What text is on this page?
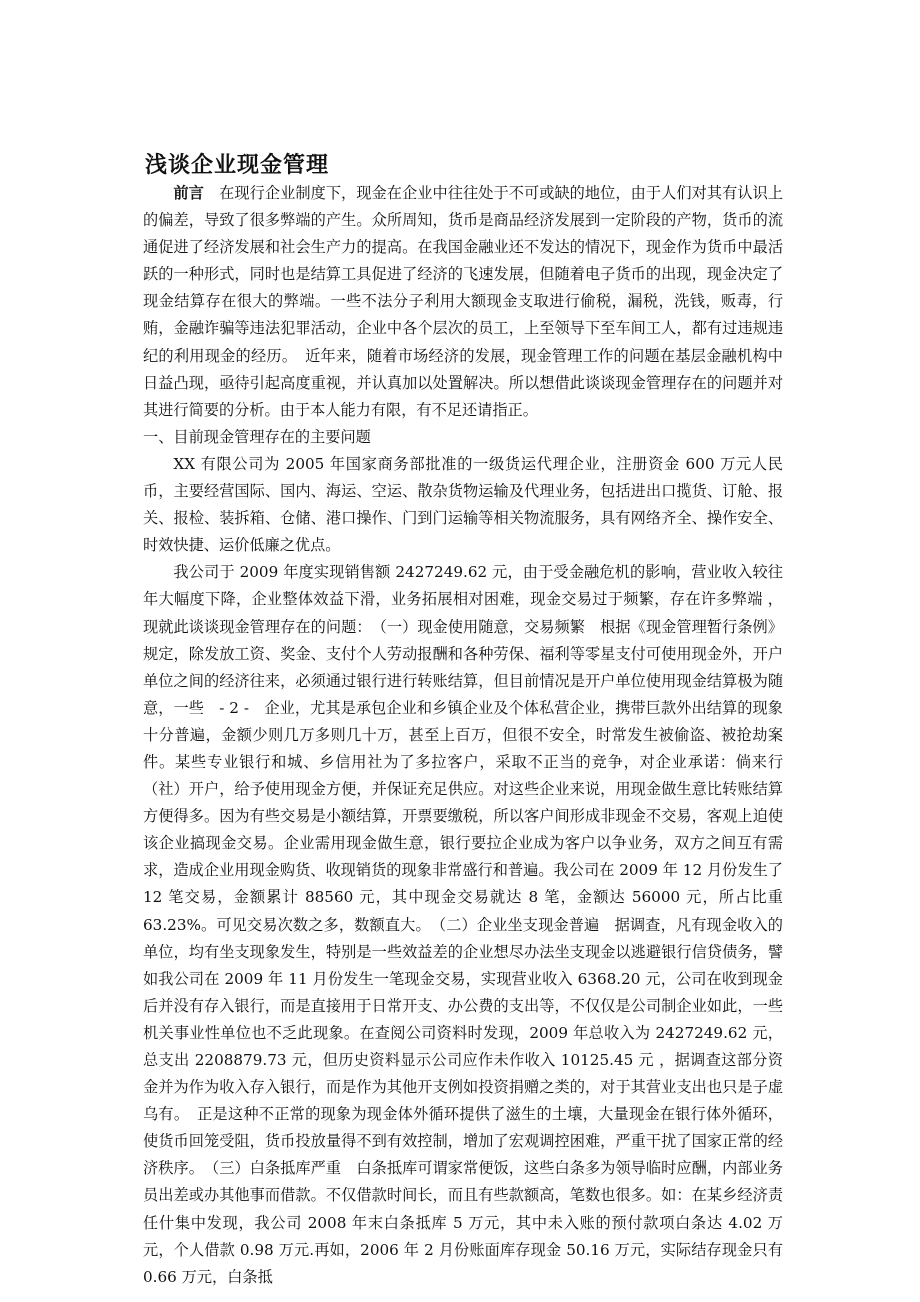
浅谈企业现金管理

前言　 在现行企业制度下，现金在企业中往往处于不可或缺的地位，由于人们对其有认识上的偏差，导致了很多弊端的产生。众所周知，货币是商品经济发展到一定阶段的产物，货币的流通促进了经济发展和社会生产力的提高。在我国金融业还不发达的情况下，现金作为货币中最活跃的一种形式，同时也是结算工具促进了经济的飞速发展，但随着电子货币的出现，现金决定了现金结算存在很大的弊端。一些不法分子利用大额现金支取进行偷税，漏税，洗钱，贩毒，行贿，金融诈骗等违法犯罪活动，企业中各个层次的员工，上至领导下至车间工人，都有过违规违纪的利用现金的经历。　近年来，随着市场经济的发展，现金管理工作的问题在基层金融机构中日益凸现，亟待引起高度重视，并认真加以处置解决。所以想借此谈谈现金管理存在的问题并对其进行简要的分析。由于本人能力有限，有不足还请指正。

一、目前现金管理存在的主要问题

XX 有限公司为 2005 年国家商务部批准的一级货运代理企业，注册资金 600 万元人民币，主要经营国际、国内、海运、空运、散杂货物运输及代理业务，包括进出口揽货、订舱、报关、报检、装拆箱、仓储、港口操作、门到门运输等相关物流服务，具有网络齐全、操作安全、时效快捷、运价低廉之优点。

我公司于 2009 年度实现销售额 2427249.62 元，由于受金融危机的影响，营业收入较往年大幅度下降，企业整体效益下滑，业务拓展相对困难，现金交易过于频繁，存在许多弊端 ，现就此谈谈现金管理存在的问题：　（一）现金使用随意，交易频繁　根据《现金管理暂行条例》规定，除发放工资、奖金、支付个人劳动报酬和各种劳保、福利等零星支付可使用现金外，开户单位之间的经济往来，必须通过银行进行转账结算，但目前情况是开户单位使用现金结算极为随意，一些　- 2 -　企业，尤其是承包企业和乡镇企业及个体私营企业，携带巨款外出结算的现象十分普遍，金额少则几万多则几十万，甚至上百万，但很不安全，时常发生被偷盗、被抢劫案件。某些专业银行和城、乡信用社为了多拉客户，采取不正当的竞争，对企业承诺：倘来行（社）开户，给予使用现金方便，并保证充足供应。对这些企业来说，用现金做生意比转账结算方便得多。因为有些交易是小额结算，开票要缴税，所以客户间形成非现金不交易，客观上迫使该企业搞现金交易。企业需用现金做生意，银行要拉企业成为客户以争业务，双方之间互有需求，造成企业用现金购货、收现销货的现象非常盛行和普遍。我公司在 2009 年 12 月份发生了 12 笔交易，金额累计 88560 元，其中现金交易就达 8 笔，金额达 56000 元，所占比重 63.23%。可见交易次数之多，数额直大。　（二）企业坐支现金普遍　据调查，凡有现金收入的单位，均有坐支现象发生，特别是一些效益差的企业想尽办法坐支现金以逃避银行信贷债务，譬如我公司在 2009 年 11 月份发生一笔现金交易，实现营业收入 6368.20 元，公司在收到现金后并没有存入银行，而是直接用于日常开支、办公费的支出等，不仅仅是公司制企业如此，一些机关事业性单位也不乏此现象。在查阅公司资料时发现，2009 年总收入为 2427249.62 元，总支出 2208879.73 元，但历史资料显示公司应作未作收入 10125.45 元 ，据调查这部分资金并为作为收入存入银行，而是作为其他开支例如投资捐赠之类的，对于其营业支出也只是子虚乌有。　正是这种不正常的现象为现金体外循环提供了滋生的土壤，大量现金在银行体外循环，使货币回笼受阻，货币投放量得不到有效控制，增加了宏观调控困难，严重干扰了国家正常的经济秩序。　（三）白条抵库严重　白条抵库可谓家常便饭，这些白条多为领导临时应酬，内部业务员出差或办其他事而借款。不仅借款时间长，而且有些款额高，笔数也很多。如：在某乡经济责任什集中发现，我公司 2008 年末白条抵库 5 万元，其中未入账的预付款项白条达 4.02 万元，个人借款 0.98 万元.再如，2006 年 2 月份账面库存现金 50.16 万元，实际结存现金只有 0.66 万元，白条抵
